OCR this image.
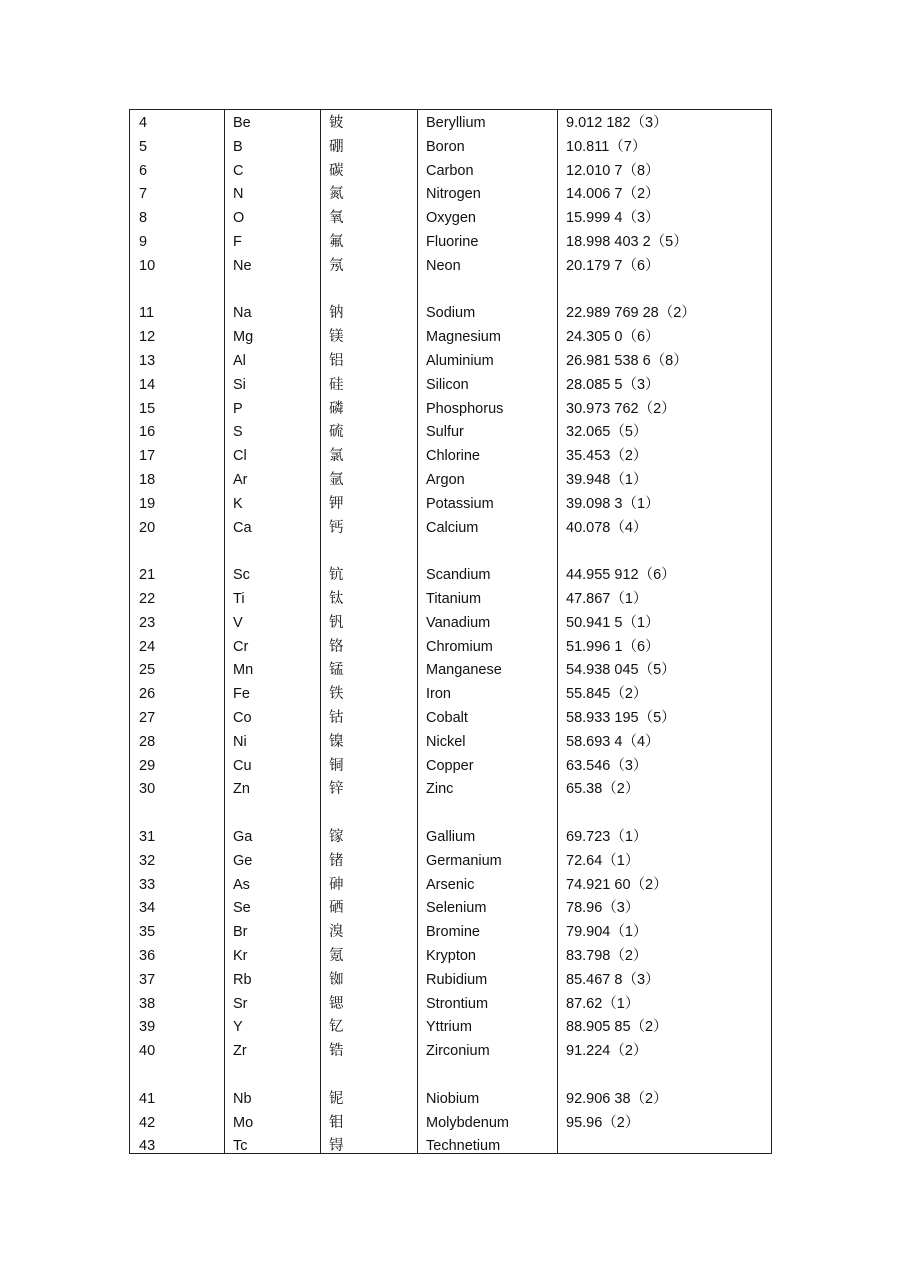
4	Be	铍	Beryllium	9.012 182（3）
5	B	硼	Boron	10.811（7）
6	C	碳	Carbon	12.010 7（8）
7	N	氮	Nitrogen	14.006 7（2）
8	O	氧	Oxygen	15.999 4（3）
9	F	氟	Fluorine	18.998 403 2（5）
10	Ne	氖	Neon	20.179 7（6）
11	Na	钠	Sodium	22.989 769 28（2）
12	Mg	镁	Magnesium	24.305 0（6）
13	Al	铝	Aluminium	26.981 538 6（8）
14	Si	硅	Silicon	28.085 5（3）
15	P	磷	Phosphorus	30.973 762（2）
16	S	硫	Sulfur	32.065（5）
17	Cl	氯	Chlorine	35.453（2）
18	Ar	氩	Argon	39.948（1）
19	K	钾	Potassium	39.098 3（1）
20	Ca	钙	Calcium	40.078（4）
21	Sc	钪	Scandium	44.955 912（6）
22	Ti	钛	Titanium	47.867（1）
23	V	钒	Vanadium	50.941 5（1）
24	Cr	铬	Chromium	51.996 1（6）
25	Mn	锰	Manganese	54.938 045（5）
26	Fe	铁	Iron	55.845（2）
27	Co	钴	Cobalt	58.933 195（5）
28	Ni	镍	Nickel	58.693 4（4）
29	Cu	铜	Copper	63.546（3）
30	Zn	锌	Zinc	65.38（2）
31	Ga	镓	Gallium	69.723（1）
32	Ge	锗	Germanium	72.64（1）
33	As	砷	Arsenic	74.921 60（2）
34	Se	硒	Selenium	78.96（3）
35	Br	溴	Bromine	79.904（1）
36	Kr	氪	Krypton	83.798（2）
37	Rb	铷	Rubidium	85.467 8（3）
38	Sr	锶	Strontium	87.62（1）
39	Y	钇	Yttrium	88.905 85（2）
40	Zr	锆	Zirconium	91.224（2）
41	Nb	铌	Niobium	92.906 38（2）
42	Mo	钼	Molybdenum	95.96（2）
43	Tc	锝	Technetium
